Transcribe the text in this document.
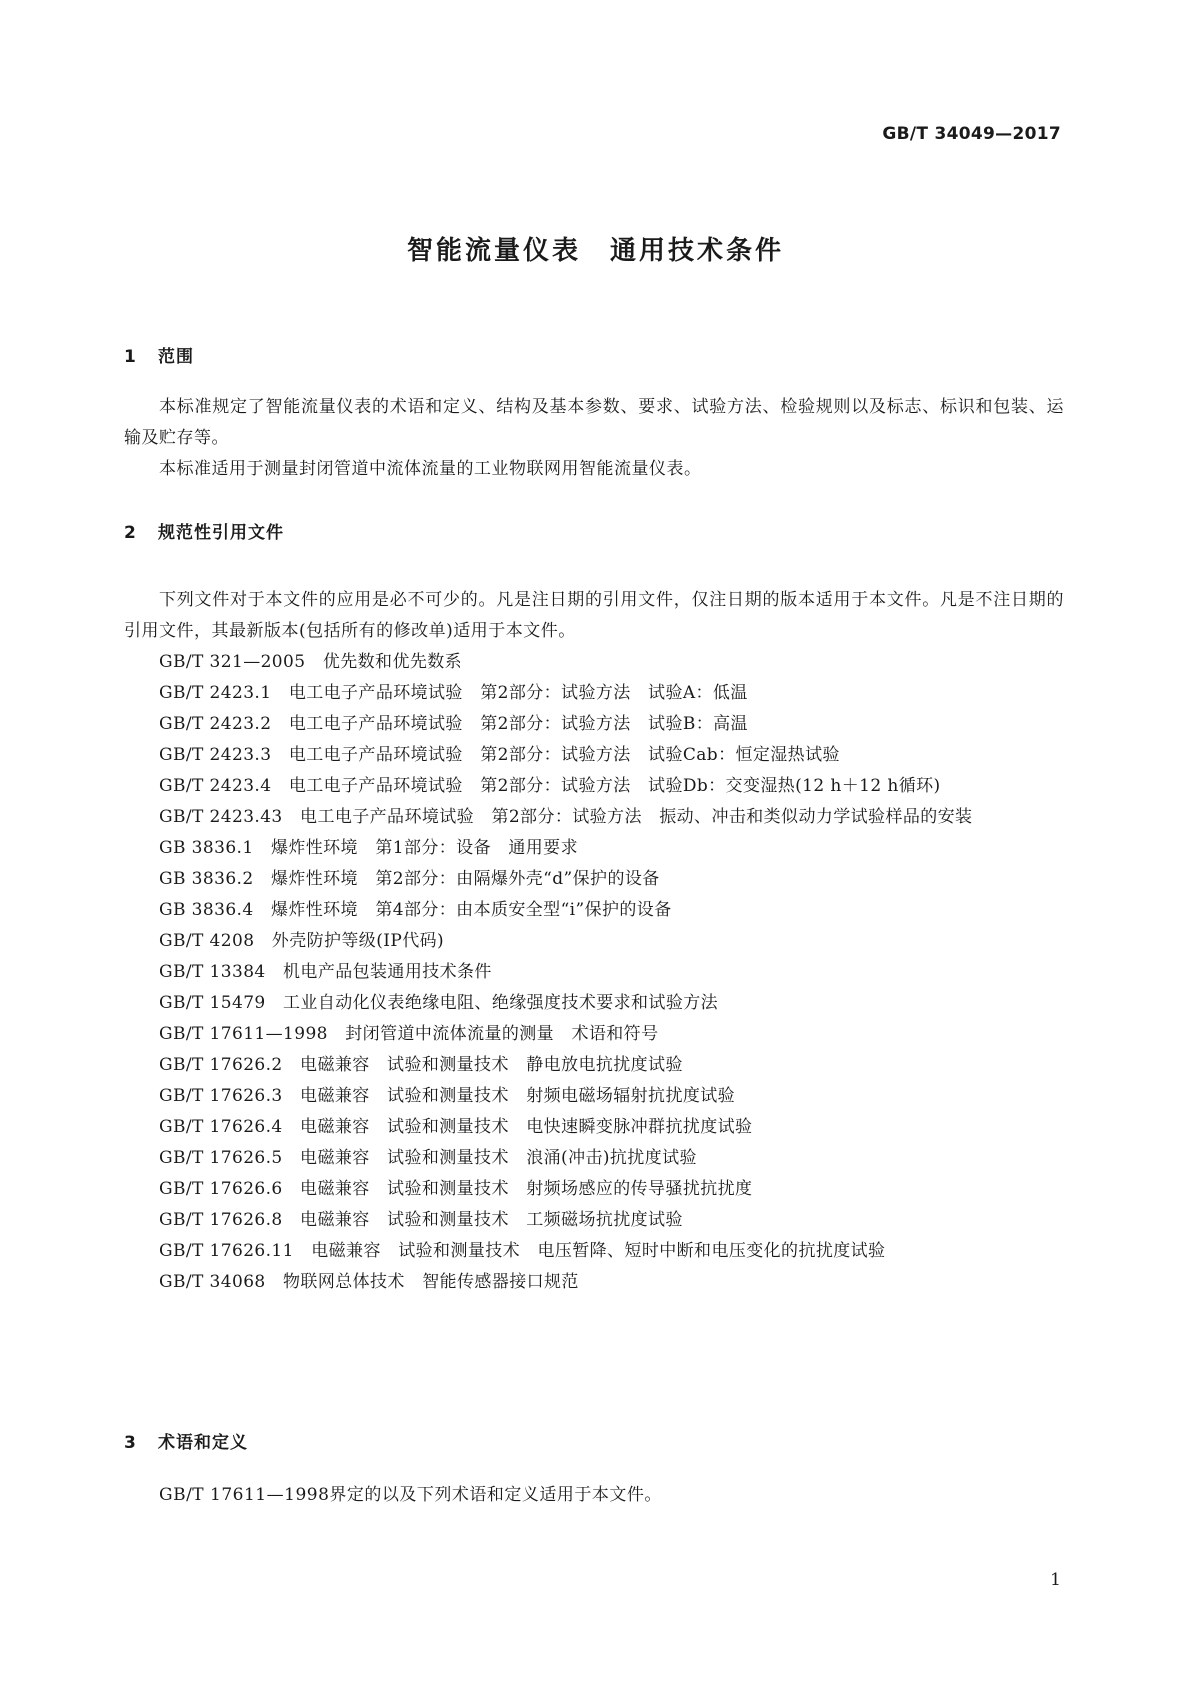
GB/T 34049—2017
智能流量仪表　通用技术条件
1 范围
本标准规定了智能流量仪表的术语和定义、结构及基本参数、要求、试验方法、检验规则以及标志、标识和包装、运输及贮存等。
本标准适用于测量封闭管道中流体流量的工业物联网用智能流量仪表。
2 规范性引用文件
下列文件对于本文件的应用是必不可少的。凡是注日期的引用文件，仅注日期的版本适用于本文件。凡是不注日期的引用文件，其最新版本(包括所有的修改单)适用于本文件。
GB/T 321—2005　优先数和优先数系
GB/T 2423.1　电工电子产品环境试验　第2部分：试验方法　试验A：低温
GB/T 2423.2　电工电子产品环境试验　第2部分：试验方法　试验B：高温
GB/T 2423.3　电工电子产品环境试验　第2部分：试验方法　试验Cab：恒定湿热试验
GB/T 2423.4　电工电子产品环境试验　第2部分：试验方法　试验Db：交变湿热(12 h＋12 h循环)
GB/T 2423.43　电工电子产品环境试验　第2部分：试验方法　振动、冲击和类似动力学试验样品的安装
GB 3836.1　爆炸性环境　第1部分：设备　通用要求
GB 3836.2　爆炸性环境　第2部分：由隔爆外壳“d”保护的设备
GB 3836.4　爆炸性环境　第4部分：由本质安全型“i”保护的设备
GB/T 4208　外壳防护等级(IP代码)
GB/T 13384　机电产品包装通用技术条件
GB/T 15479　工业自动化仪表绝缘电阻、绝缘强度技术要求和试验方法
GB/T 17611—1998　封闭管道中流体流量的测量　术语和符号
GB/T 17626.2　电磁兼容　试验和测量技术　静电放电抗扰度试验
GB/T 17626.3　电磁兼容　试验和测量技术　射频电磁场辐射抗扰度试验
GB/T 17626.4　电磁兼容　试验和测量技术　电快速瞬变脉冲群抗扰度试验
GB/T 17626.5　电磁兼容　试验和测量技术　浪涌(冲击)抗扰度试验
GB/T 17626.6　电磁兼容　试验和测量技术　射频场感应的传导骚扰抗扰度
GB/T 17626.8　电磁兼容　试验和测量技术　工频磁场抗扰度试验
GB/T 17626.11　电磁兼容　试验和测量技术　电压暂降、短时中断和电压变化的抗扰度试验
GB/T 34068　物联网总体技术　智能传感器接口规范
3 术语和定义
GB/T 17611—1998界定的以及下列术语和定义适用于本文件。
1
